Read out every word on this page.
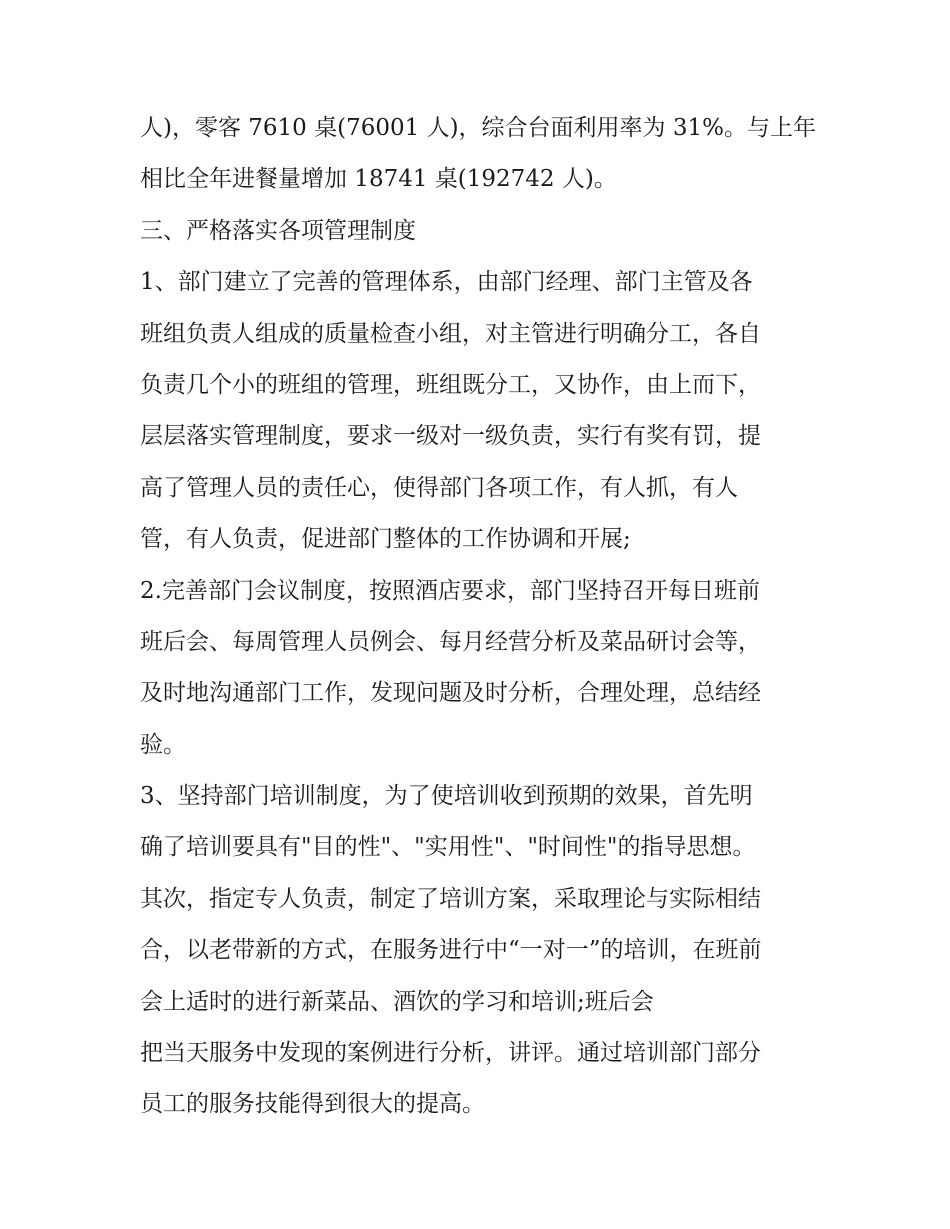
人)，零客 7610 桌(76001 人)，综合台面利用率为 31%。与上年
相比全年进餐量增加 18741 桌(192742 人)。
三、严格落实各项管理制度
1、部门建立了完善的管理体系，由部门经理、部门主管及各
班组负责人组成的质量检查小组，对主管进行明确分工，各自
负责几个小的班组的管理，班组既分工，又协作，由上而下，
层层落实管理制度，要求一级对一级负责，实行有奖有罚，提
高了管理人员的责任心，使得部门各项工作，有人抓，有人
管，有人负责，促进部门整体的工作协调和开展;
2.完善部门会议制度，按照酒店要求，部门坚持召开每日班前
班后会、每周管理人员例会、每月经营分析及菜品研讨会等，
及时地沟通部门工作，发现问题及时分析，合理处理，总结经
验。
3、坚持部门培训制度，为了使培训收到预期的效果，首先明
确了培训要具有"目的性"、"实用性"、"时间性"的指导思想。
其次，指定专人负责，制定了培训方案，采取理论与实际相结
合，以老带新的方式，在服务进行中“一对一”的培训，在班前
会上适时的进行新菜品、酒饮的学习和培训;班后会
把当天服务中发现的案例进行分析，讲评。通过培训部门部分
员工的服务技能得到很大的提高。
